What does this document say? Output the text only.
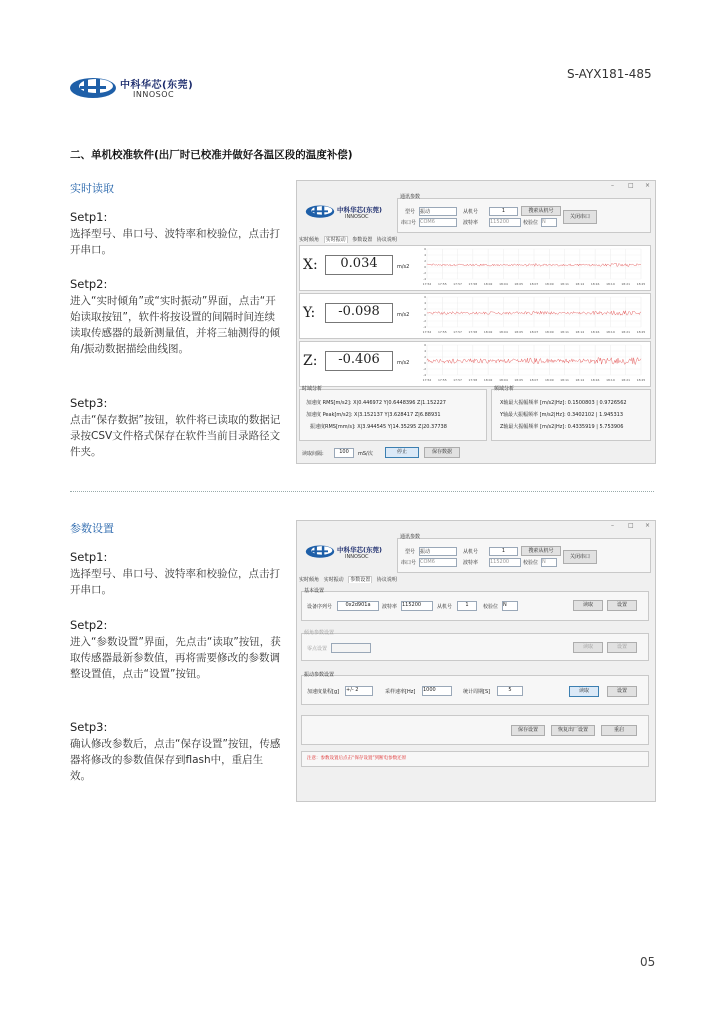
中科华芯(东莞)
INNOSOC
S-AYX181-485
二、单机校准软件(出厂时已校准并做好各温区段的温度补偿)
实时读取
Setp1:
选择型号、串口号、波特率和校验位，点击打开串口。
Setp2:
进入“实时倾角”或“实时振动”界面，点击“开始读取按钮”，软件将按设置的间隔时间连续读取传感器的最新测量值，并将三轴测得的倾角/振动数据描绘曲线图。
Setp3:
点击“保存数据”按钮，软件将已读取的数据记录按CSV文件格式保存在软件当前目录路径文件夹。
– □ ×
中科华芯(东莞)
INNOSOC
通讯参数
型号 振动
串口号 COM6
从机号	1	搜索从机号
波特率 115200	校验位 N
关闭串口
实时倾角 实时振动 参数设置 协议说明
X:	0.034	m/s2
Y:	-0.098	m/s2
Z:	-0.406	m/s2
17:52 17:55 17:57 17:58 18:02 18:04 18:05 18:07 18:09 18:11 18:14 18:16 18:19 18:21 18:25
6
4
2
0
-2
-4
17:52 17:55 17:57 17:58 18:02 18:04 18:05 18:07 18:09 18:11 18:14 18:16 18:19 18:21 18:25
6
4
2
0
-2
-4
17:52 17:55 17:57 17:58 18:02 18:04 18:05 18:07 18:09 18:11 18:14 18:16 18:19 18:21 18:25
6
4
2
0
-2
-4
时域分析
加速度 RMS[m/s2]: X|0.446972 Y|0.6448396 Z|1.152227
加速度 Peak[m/s2]: X|3.152137 Y|3.628417 Z|6.88931
振速度RMS[mm/s]: X|3.944545 Y|14.35295 Z|20.37738
频域分析
X轴最大振幅频率 [m/s2|Hz]: 0.1500803 | 0.9726562
Y轴最大振幅频率 [m/s2|Hz]: 0.3402102 | 1.945313
Z轴最大振幅频率 [m/s2|Hz]: 0.4335919 | 5.753906
读取间隔:	100	mS/次	停止	保存数据
参数设置
Setp1:
选择型号、串口号、波特率和校验位，点击打开串口。
Setp2:
进入“参数设置”界面，先点击“读取”按钮，获取传感器最新参数值，再将需要修改的参数调整设置值，点击“设置”按钮。
Setp3:
确认修改参数后，点击“保存设置”按钮，传感器将修改的参数值保存到flash中，重启生效。
– □ ×
中科华芯(东莞)
INNOSOC
通讯参数
型号 振动
串口号 COM6
从机号	1	搜索从机号
波特率 115200	校验位 N
关闭串口
实时倾角 实时振动 参数设置 协议说明
基本设置
设备序列号	0x2d901a	波特率 115200	从机号	1	校验位 N	读取	设置
倾角参数设置
零点设置	读取	设置
振动参数设置
加速度量程[g] +/- 2	采样速率[Hz] 1000	统计周期[S]	5	读取	设置
保存设置	恢复出厂设置	重启
注意：参数设置后点击“保存设置”到断电参数还原
05
